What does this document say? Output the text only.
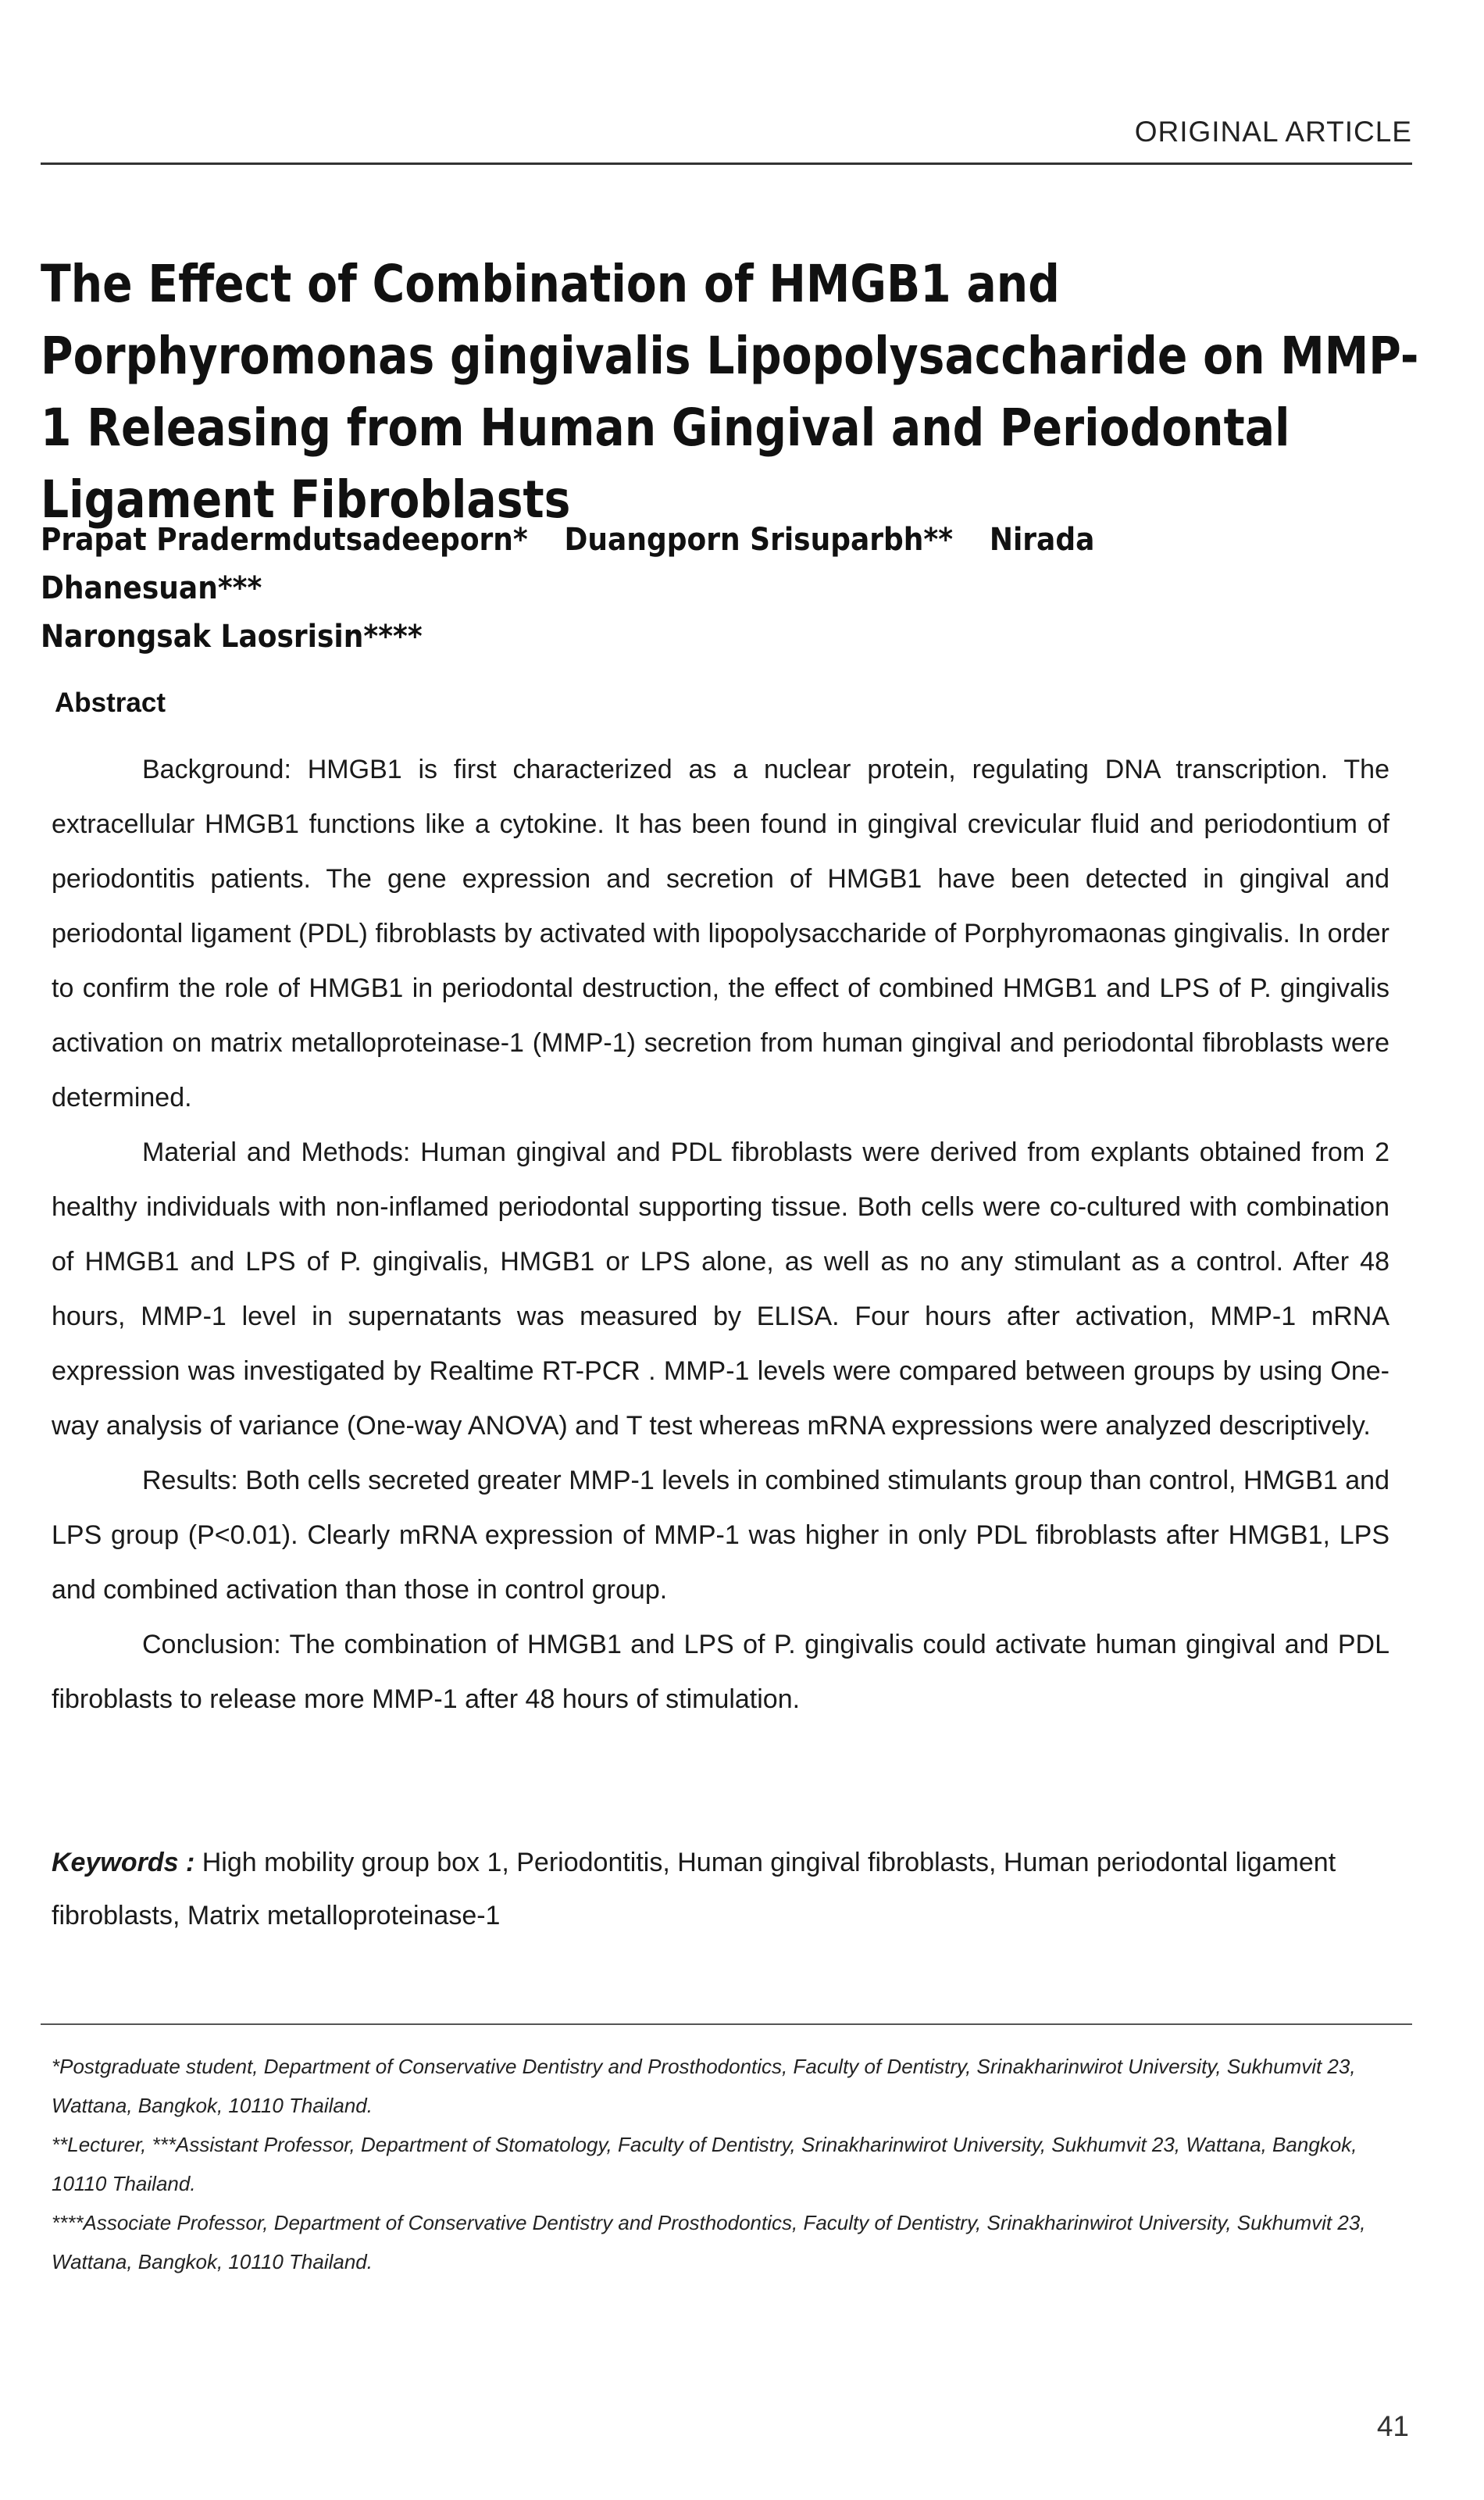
ORIGINAL ARTICLE
The Effect of Combination of HMGB1 and Porphyromonas gingivalis Lipopolysaccharide on MMP-1 Releasing from Human Gingival and Periodontal Ligament Fibroblasts
Prapat Pradermdutsadeeporn* Duangporn Srisuparbh** Nirada Dhanesuan***
Narongsak Laosrisin****
Abstract

Background: HMGB1 is first characterized as a nuclear protein, regulating DNA transcription. The extracellular HMGB1 functions like a cytokine. It has been found in gingival crevicular fluid and periodontium of periodontitis patients. The gene expression and secretion of HMGB1 have been detected in gingival and periodontal ligament (PDL) fibroblasts by activated with lipopolysaccharide of Porphyromaonas gingivalis. In order to confirm the role of HMGB1 in periodontal destruction, the effect of combined HMGB1 and LPS of P. gingivalis activation on matrix metalloproteinase-1 (MMP-1) secretion from human gingival and periodontal fibroblasts were determined.

Material and Methods: Human gingival and PDL fibroblasts were derived from explants obtained from 2 healthy individuals with non-inflamed periodontal supporting tissue. Both cells were co-cultured with combination of HMGB1 and LPS of P. gingivalis, HMGB1 or LPS alone, as well as no any stimulant as a control. After 48 hours, MMP-1 level in supernatants was measured by ELISA. Four hours after activation, MMP-1 mRNA expression was investigated by Realtime RT-PCR . MMP-1 levels were compared between groups by using One-way analysis of variance (One-way ANOVA) and T test whereas mRNA expressions were analyzed descriptively.

Results: Both cells secreted greater MMP-1 levels in combined stimulants group than control, HMGB1 and LPS group (P<0.01). Clearly mRNA expression of MMP-1 was higher in only PDL fibroblasts after HMGB1, LPS and combined activation than those in control group.

Conclusion: The combination of HMGB1 and LPS of P. gingivalis could activate human gingival and PDL fibroblasts to release more MMP-1 after 48 hours of stimulation.

Keywords : High mobility group box 1, Periodontitis, Human gingival fibroblasts, Human periodontal ligament fibroblasts, Matrix metalloproteinase-1

*Postgraduate student, Department of Conservative Dentistry and Prosthodontics, Faculty of Dentistry, Srinakharinwirot University, Sukhumvit 23, Wattana, Bangkok, 10110 Thailand.

**Lecturer, ***Assistant Professor, Department of Stomatology, Faculty of Dentistry, Srinakharinwirot University, Sukhumvit 23, Wattana, Bangkok, 10110 Thailand.

****Associate Professor, Department of Conservative Dentistry and Prosthodontics, Faculty of Dentistry, Srinakharinwirot University, Sukhumvit 23, Wattana, Bangkok, 10110 Thailand.

41
